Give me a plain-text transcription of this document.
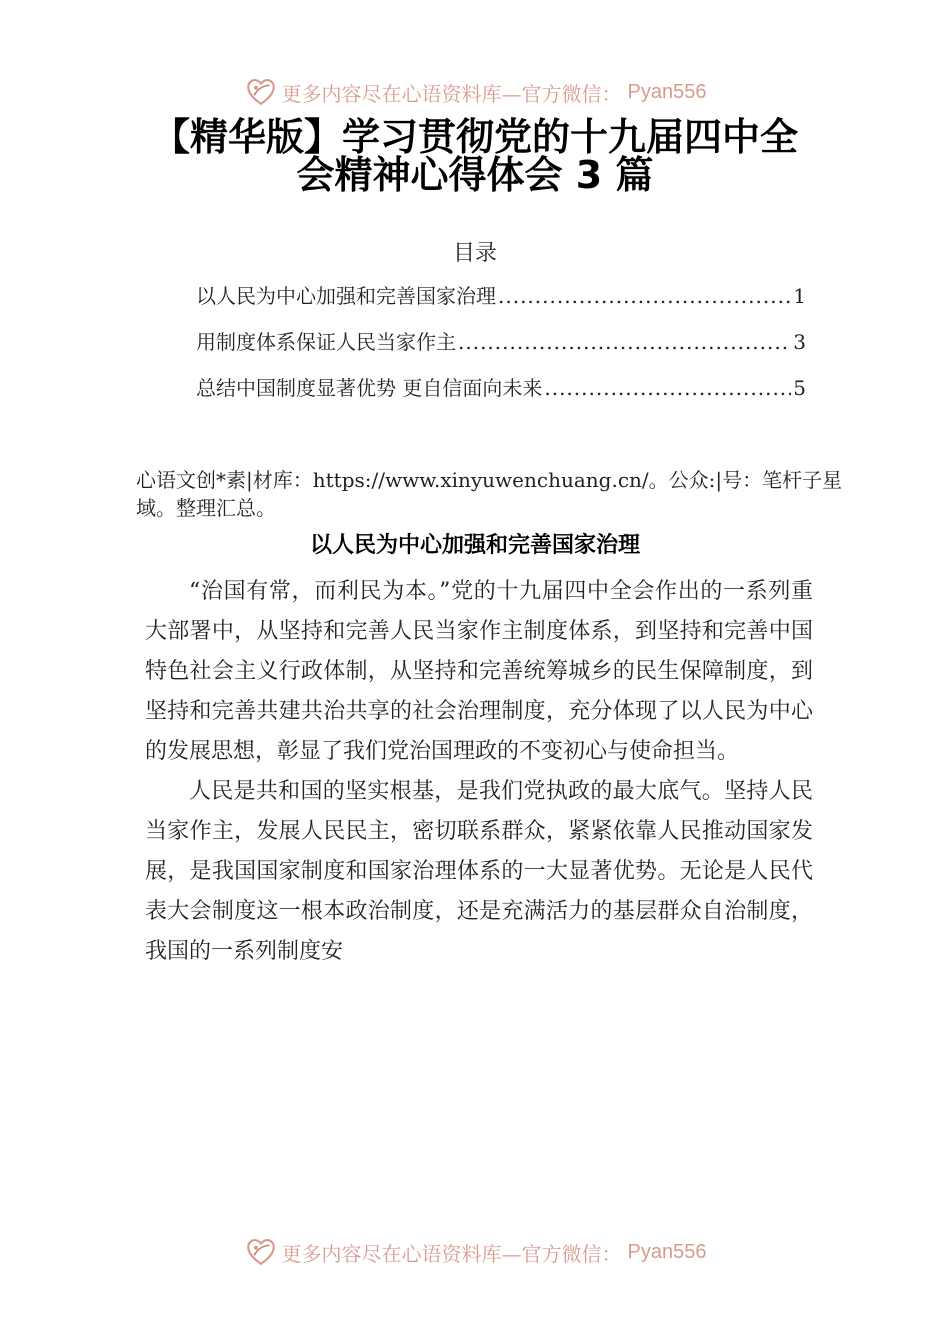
更多内容尽在心语资料库—官方微信： Pyan556
【精华版】学习贯彻党的十九届四中全会精神心得体会 3 篇
目录
以人民为中心加强和完善国家治理 .....	1
用制度体系保证人民当家作主 .....	3
总结中国制度显著优势 更自信面向未来 .....	5
心语文创*素|材库：https://www.xinyuwenchuang.cn/。公众:|号：笔杆子星域。整理汇总。
以人民为中心加强和完善国家治理

“治国有常，而利民为本。”党的十九届四中全会作出的一系列重大部署中，从坚持和完善人民当家作主制度体系，到坚持和完善中国特色社会主义行政体制，从坚持和完善统筹城乡的民生保障制度，到坚持和完善共建共治共享的社会治理制度，充分体现了以人民为中心的发展思想，彰显了我们党治国理政的不变初心与使命担当。

人民是共和国的坚实根基，是我们党执政的最大底气。坚持人民当家作主，发展人民民主，密切联系群众，紧紧依靠人民推动国家发展，是我国国家制度和国家治理体系的一大显著优势。无论是人民代表大会制度这一根本政治制度，还是充满活力的基层群众自治制度，我国的一系列制度安

更多内容尽在心语资料库—官方微信： Pyan556
